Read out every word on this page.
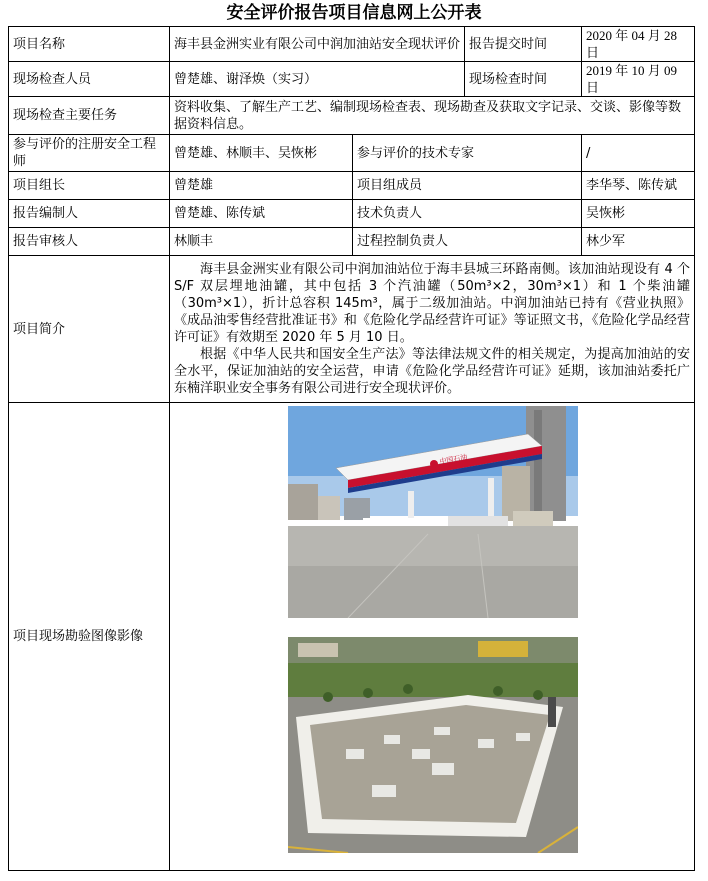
安全评价报告项目信息网上公开表
项目名称	海丰县金洲实业有限公司中润加油站安全现状评价		报告提交时间	2020 年 04 月 28 日
现场检查人员	曾楚雄、谢泽焕（实习）		现场检查时间	2019 年 10 月 09 日
现场检查主要任务	资料收集、了解生产工艺、编制现场检查表、现场勘查及获取文字记录、交谈、影像等数据资料信息。			
参与评价的注册安全工程师	曾楚雄、林顺丰、吴恢彬	参与评价的技术专家		/
项目组长	曾楚雄	项目组成员		李华琴、陈传斌
报告编制人	曾楚雄、陈传斌	技术负责人		吴恢彬
报告审核人	林顺丰	过程控制负责人		林少军
项目简介	海丰县金洲实业有限公司中润加油站位于海丰县城三环路南侧。该加油站现设有 4 个 S/F 双层埋地油罐，其中包括 3 个汽油罐（50m³×2，30m³×1）和 1 个柴油罐（30m³×1），折计总容积 145m³，属于二级加油站。中润加油站已持有《营业执照》《成品油零售经营批准证书》和《危险化学品经营许可证》等证照文书，《危险化学品经营许可证》有效期至 2020 年 5 月 10 日。

根据《中华人民共和国安全生产法》等法律法规文件的相关规定，为提高加油站的安全水平，保证加油站的安全运营，申请《危险化学品经营许可证》延期，该加油站委托广东楠洋职业安全事务有限公司进行安全现状评价。			

项目现场勘验图像影像	中国石油			
